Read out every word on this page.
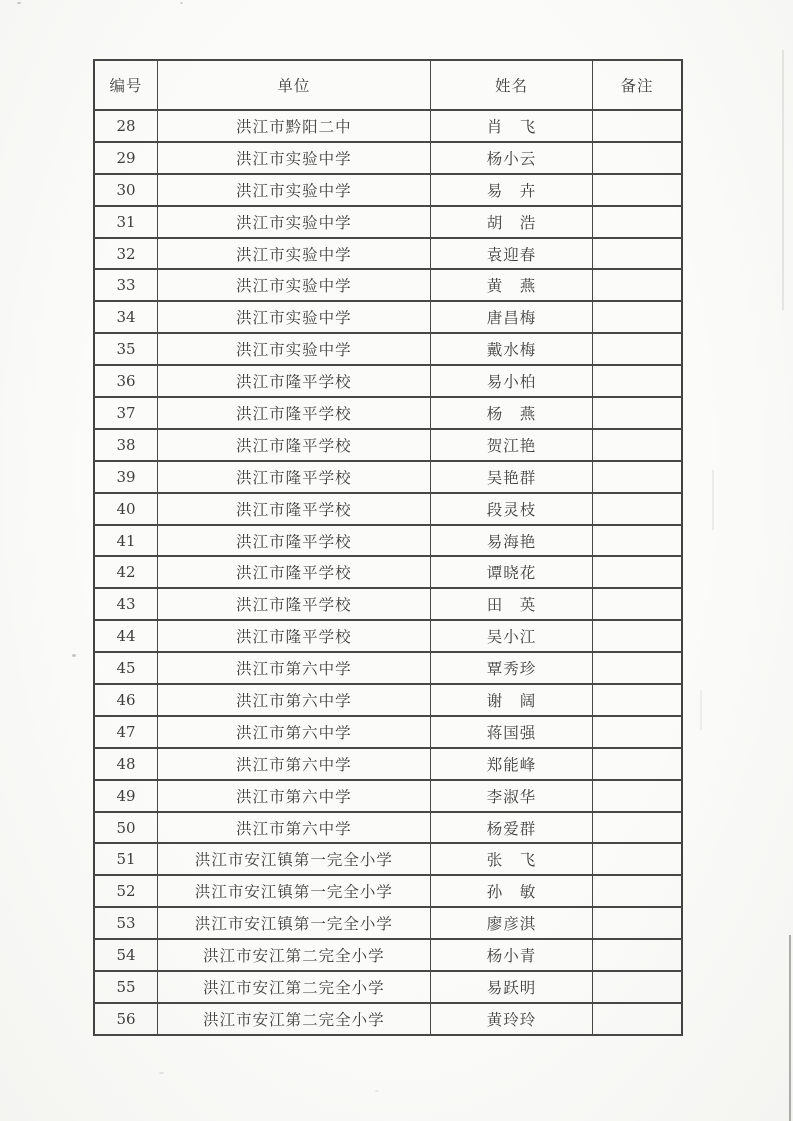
编号	单位	姓名	备注
28	洪江市黔阳二中	肖　飞	
29	洪江市实验中学	杨小云	
30	洪江市实验中学	易　卉	
31	洪江市实验中学	胡　浩	
32	洪江市实验中学	袁迎春	
33	洪江市实验中学	黄　燕	
34	洪江市实验中学	唐昌梅	
35	洪江市实验中学	戴水梅	
36	洪江市隆平学校	易小柏	
37	洪江市隆平学校	杨　燕	
38	洪江市隆平学校	贺江艳	
39	洪江市隆平学校	吴艳群	
40	洪江市隆平学校	段灵枝	
41	洪江市隆平学校	易海艳	
42	洪江市隆平学校	谭晓花	
43	洪江市隆平学校	田　英	
44	洪江市隆平学校	吴小江	
45	洪江市第六中学	覃秀珍	
46	洪江市第六中学	谢　阔	
47	洪江市第六中学	蒋国强	
48	洪江市第六中学	郑能峰	
49	洪江市第六中学	李淑华	
50	洪江市第六中学	杨爱群	
51	洪江市安江镇第一完全小学	张　飞	
52	洪江市安江镇第一完全小学	孙　敏	
53	洪江市安江镇第一完全小学	廖彦淇	
54	洪江市安江第二完全小学	杨小青	
55	洪江市安江第二完全小学	易跃明	
56	洪江市安江第二完全小学	黄玲玲	
